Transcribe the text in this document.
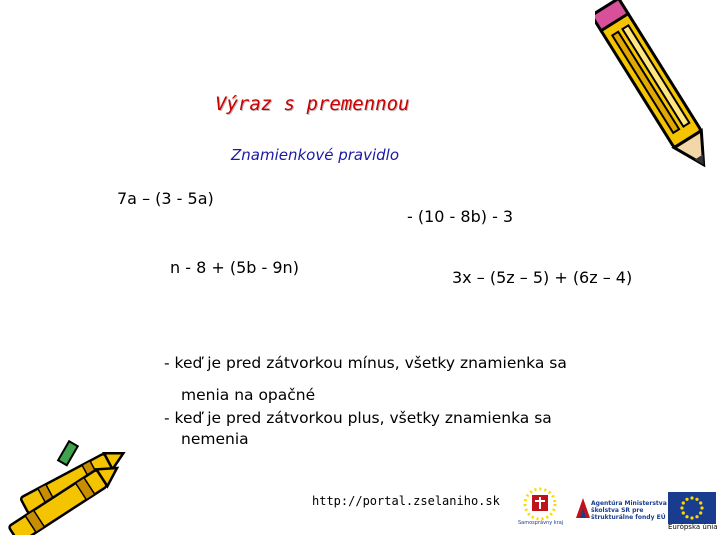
Výraz s premennou
Znamienkové pravidlo
7a – (3 - 5a)
- (10 - 8b) - 3
n - 8 + (5b - 9n)
3x – (5z – 5) + (6z – 4)
- keď je pred zátvorkou mínus, všetky znamienka sa
menia na opačné
- keď je pred zátvorkou plus, všetky znamienka sa
nemenia
http://portal.zselaniho.sk
Samosprávny kraj
Agentúra Ministerstva školstva SR pre štrukturálne fondy EÚ
Európska únia
